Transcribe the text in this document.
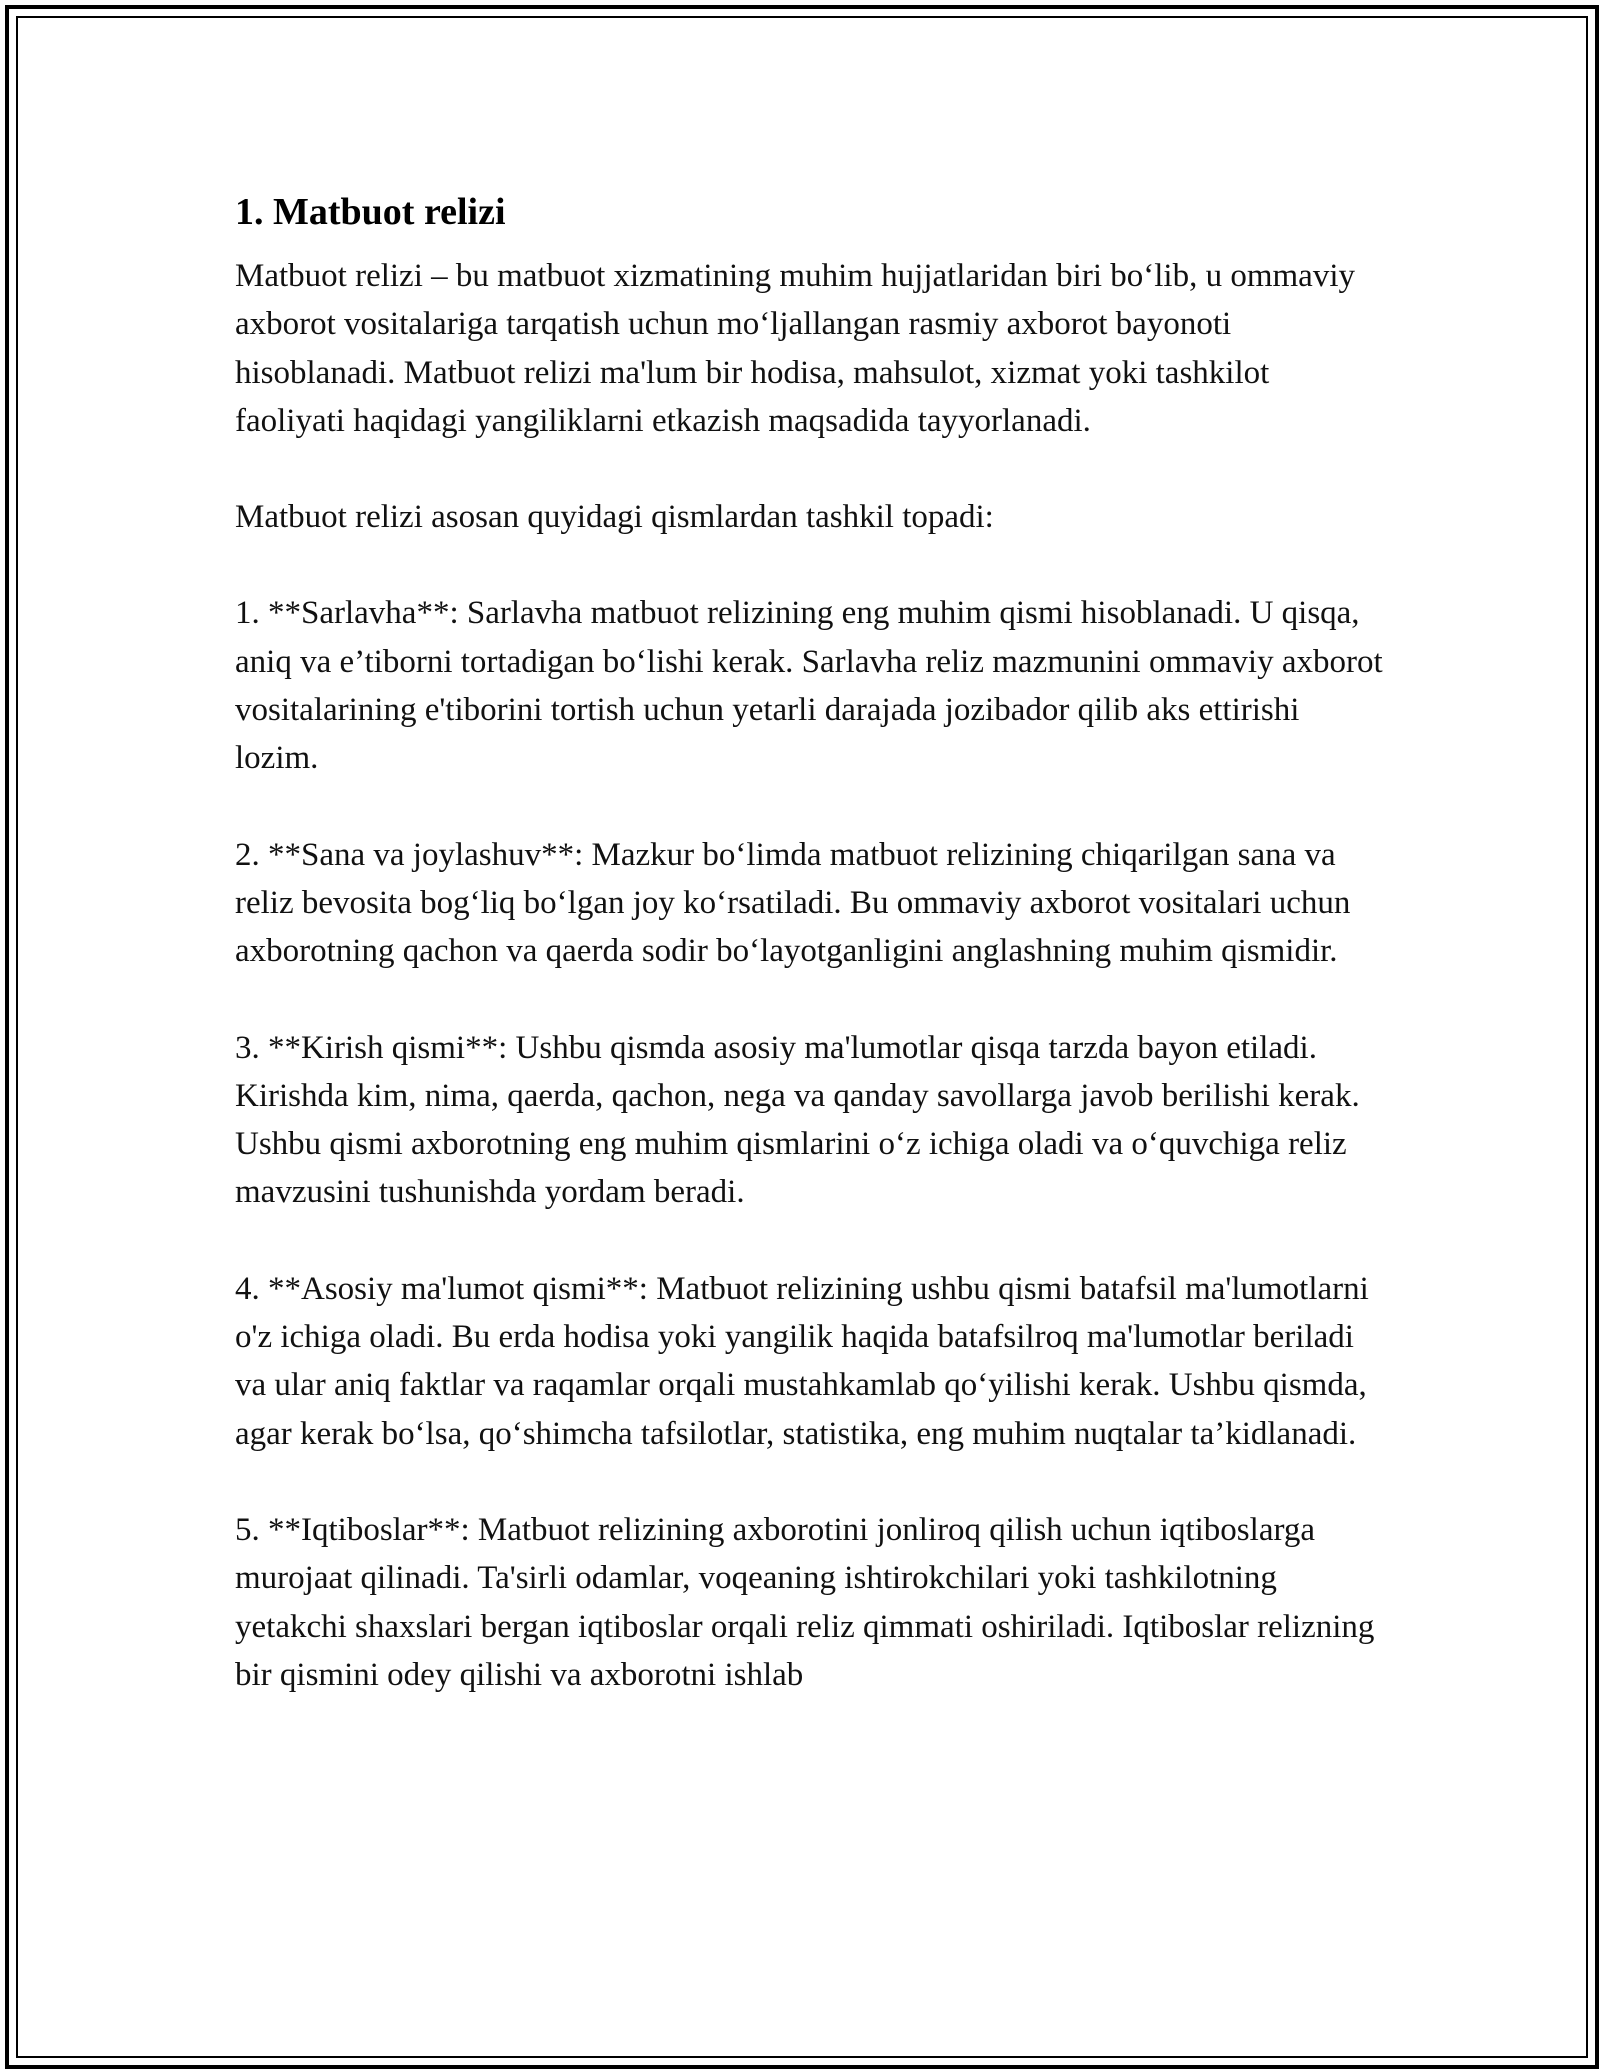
1. Matbuot relizi

Matbuot relizi – bu matbuot xizmatining muhim hujjatlaridan biri bo‘lib, u ommaviy axborot vositalariga tarqatish uchun mo‘ljallangan rasmiy axborot bayonoti hisoblanadi. Matbuot relizi ma'lum bir hodisa, mahsulot, xizmat yoki tashkilot faoliyati haqidagi yangiliklarni etkazish maqsadida tayyorlanadi.

Matbuot relizi asosan quyidagi qismlardan tashkil topadi:

1. **Sarlavha**: Sarlavha matbuot relizining eng muhim qismi hisoblanadi. U qisqa, aniq va e’tiborni tortadigan bo‘lishi kerak. Sarlavha reliz mazmunini ommaviy axborot vositalarining e'tiborini tortish uchun yetarli darajada jozibador qilib aks ettirishi lozim.

2. **Sana va joylashuv**: Mazkur bo‘limda matbuot relizining chiqarilgan sana va reliz bevosita bog‘liq bo‘lgan joy ko‘rsatiladi. Bu ommaviy axborot vositalari uchun axborotning qachon va qaerda sodir bo‘layotganligini anglashning muhim qismidir.

3. **Kirish qismi**: Ushbu qismda asosiy ma'lumotlar qisqa tarzda bayon etiladi. Kirishda kim, nima, qaerda, qachon, nega va qanday savollarga javob berilishi kerak. Ushbu qismi axborotning eng muhim qismlarini o‘z ichiga oladi va o‘quvchiga reliz mavzusini tushunishda yordam beradi.

4. **Asosiy ma'lumot qismi**: Matbuot relizining ushbu qismi batafsil ma'lumotlarni o'z ichiga oladi. Bu erda hodisa yoki yangilik haqida batafsilroq ma'lumotlar beriladi va ular aniq faktlar va raqamlar orqali mustahkamlab qo‘yilishi kerak. Ushbu qismda, agar kerak bo‘lsa, qo‘shimcha tafsilotlar, statistika, eng muhim nuqtalar ta’kidlanadi.

5. **Iqtiboslar**: Matbuot relizining axborotini jonliroq qilish uchun iqtiboslarga murojaat qilinadi. Ta'sirli odamlar, voqeaning ishtirokchilari yoki tashkilotning yetakchi shaxslari bergan iqtiboslar orqali reliz qimmati oshiriladi. Iqtiboslar relizning bir qismini odey qilishi va axborotni ishlab
